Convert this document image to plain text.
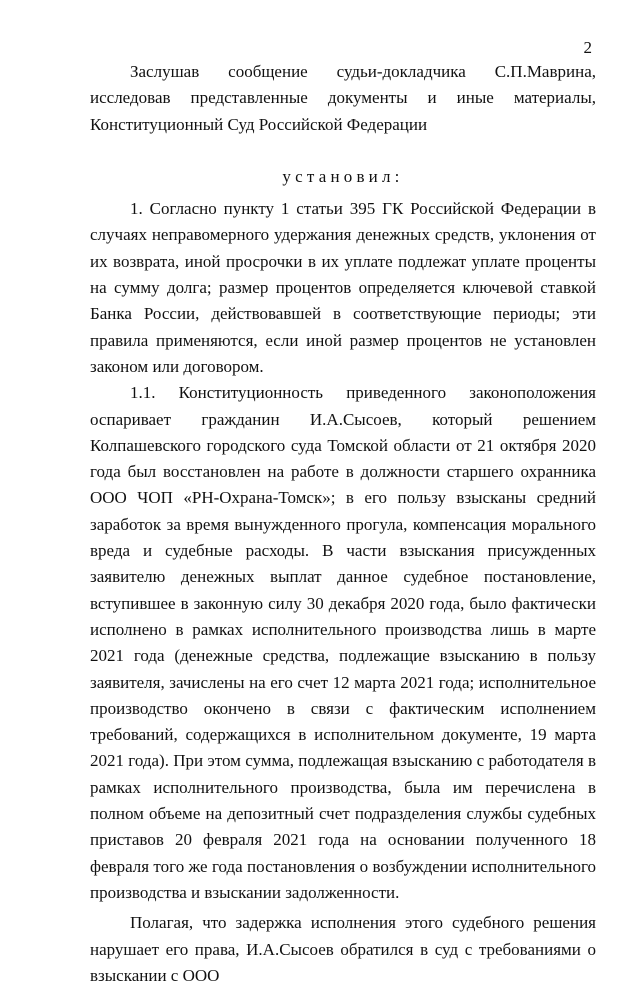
2

Заслушав сообщение судьи-докладчика С.П.Маврина, исследовав представленные документы и иные материалы, Конституционный Суд Российской Федерации

установил:

1. Согласно пункту 1 статьи 395 ГК Российской Федерации в случаях неправомерного удержания денежных средств, уклонения от их возврата, иной просрочки в их уплате подлежат уплате проценты на сумму долга; размер процентов определяется ключевой ставкой Банка России, действовавшей в соответствующие периоды; эти правила применяются, если иной размер процентов не установлен законом или договором.

1.1. Конституционность приведенного законоположения оспаривает гражданин И.А.Сысоев, который решением Колпашевского городского суда Томской области от 21 октября 2020 года был восстановлен на работе в должности старшего охранника ООО ЧОП «РН-Охрана-Томск»; в его пользу взысканы средний заработок за время вынужденного прогула, компенсация морального вреда и судебные расходы. В части взыскания присужденных заявителю денежных выплат данное судебное постановление, вступившее в законную силу 30 декабря 2020 года, было фактически исполнено в рамках исполнительного производства лишь в марте 2021 года (денежные средства, подлежащие взысканию в пользу заявителя, зачислены на его счет 12 марта 2021 года; исполнительное производство окончено в связи с фактическим исполнением требований, содержащихся в исполнительном документе, 19 марта 2021 года). При этом сумма, подлежащая взысканию с работодателя в рамках исполнительного производства, была им перечислена в полном объеме на депозитный счет подразделения службы судебных приставов 20 февраля 2021 года на основании полученного 18 февраля того же года постановления о возбуждении исполнительного производства и взыскании задолженности.

Полагая, что задержка исполнения этого судебного решения нарушает его права, И.А.Сысоев обратился в суд с требованиями о взыскании с ООО
